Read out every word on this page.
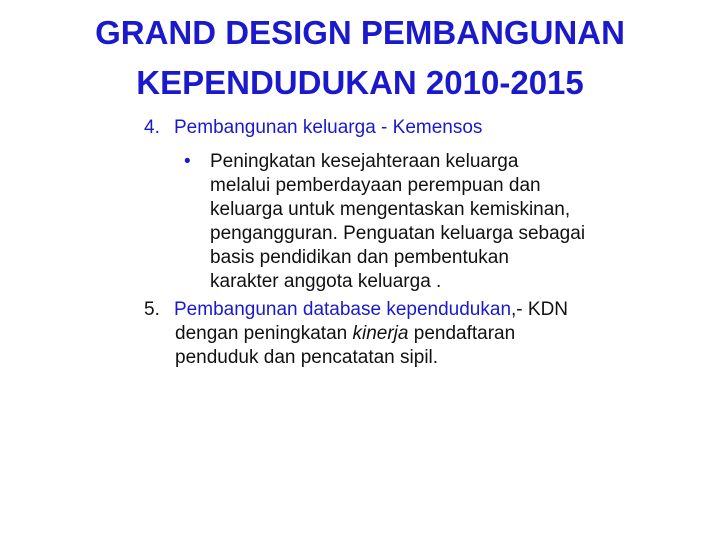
GRAND DESIGN PEMBANGUNAN
KEPENDUDUKAN 2010-2015
4. Pembangunan keluarga - Kemensos
• Peningkatan kesejahteraan keluarga
melalui pemberdayaan perempuan dan
keluarga untuk mengentaskan kemiskinan,
pengangguran. Penguatan keluarga sebagai
basis pendidikan dan pembentukan
karakter anggota keluarga .
5. Pembangunan database kependudukan ,- KDN
dengan peningkatan kinerja pendaftaran
penduduk dan pencatatan sipil.
